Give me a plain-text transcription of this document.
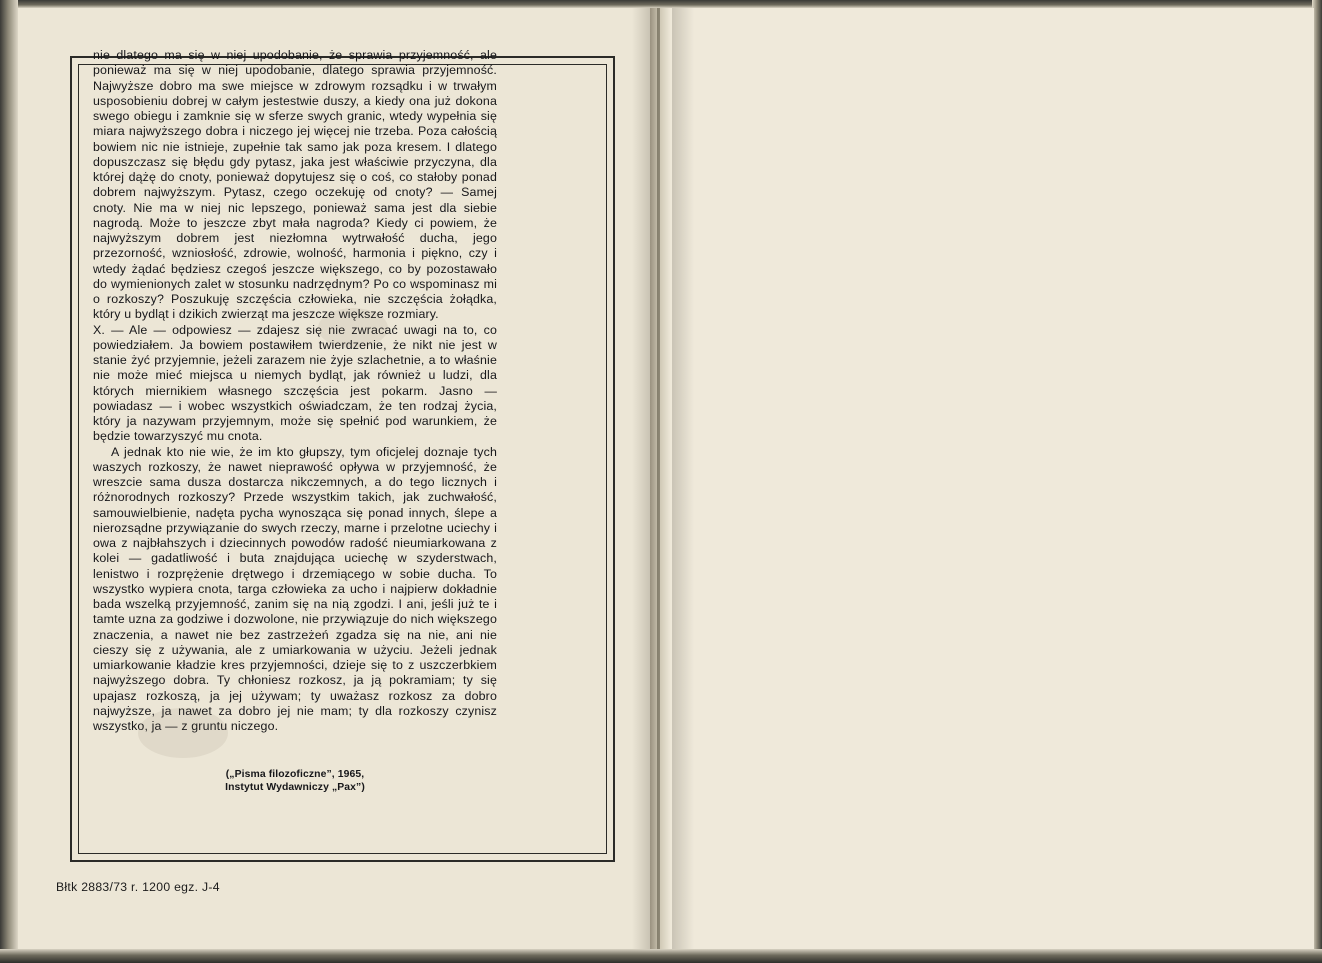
nie dlatego ma się w niej upodobanie, że sprawia przyjemność, ale ponieważ ma się w niej upodobanie, dlatego sprawia przyjemność. Najwyższe dobro ma swe miejsce w zdrowym rozsądku i w trwałym usposobieniu dobrej w całym jestestwie duszy, a kiedy ona już dokona swego obiegu i zamknie się w sferze swych granic, wtedy wypełnia się miara najwyższego dobra i niczego jej więcej nie trzeba. Poza całością bowiem nic nie istnieje, zupełnie tak samo jak poza kresem. I dlatego dopuszczasz się błędu gdy pytasz, jaka jest właściwie przyczyna, dla której dążę do cnoty, ponieważ dopytujesz się o coś, co stałoby ponad dobrem najwyższym. Pytasz, czego oczekuję od cnoty? — Samej cnoty. Nie ma w niej nic lepszego, ponieważ sama jest dla siebie nagrodą. Może to jeszcze zbyt mała nagroda? Kiedy ci powiem, że najwyższym dobrem jest niezłomna wytrwałość ducha, jego przezorność, wzniosłość, zdrowie, wolność, harmonia i piękno, czy i wtedy żądać będziesz czegoś jeszcze większego, co by pozostawało do wymienionych zalet w stosunku nadrzędnym? Po co wspominasz mi o rozkoszy? Poszukuję szczęścia człowieka, nie szczęścia żołądka, który u bydląt i dzikich zwierząt ma jeszcze większe rozmiary.

X. — Ale — odpowiesz — zdajesz się nie zwracać uwagi na to, co powiedziałem. Ja bowiem postawiłem twierdzenie, że nikt nie jest w stanie żyć przyjemnie, jeżeli zarazem nie żyje szlachetnie, a to właśnie nie może mieć miejsca u niemych bydląt, jak również u ludzi, dla których miernikiem własnego szczęścia jest pokarm. Jasno — powiadasz — i wobec wszystkich oświadczam, że ten rodzaj życia, który ja nazywam przyjemnym, może się spełnić pod warunkiem, że będzie towarzyszyć mu cnota.

A jednak kto nie wie, że im kto głupszy, tym oficjelej doznaje tych waszych rozkoszy, że nawet nieprawość opływa w przyjemność, że wreszcie sama dusza dostarcza nikczemnych, a do tego licznych i różnorodnych rozkoszy? Przede wszystkim takich, jak zuchwałość, samouwielbienie, nadęta pycha wynosząca się ponad innych, ślepe a nierozsądne przywiązanie do swych rzeczy, marne i przelotne uciechy i owa z najbłahszych i dziecinnych powodów radość nieumiarkowana z kolei — gadatliwość i buta znajdująca uciechę w szyderstwach, lenistwo i rozprężenie drętwego i drzemiącego w sobie ducha. To wszystko wypiera cnota, targa człowieka za ucho i najpierw dokładnie bada wszelką przyjemność, zanim się na nią zgodzi. I ani, jeśli już te i tamte uzna za godziwe i dozwolone, nie przywiązuje do nich większego znaczenia, a nawet nie bez zastrzeżeń zgadza się na nie, ani nie cieszy się z używania, ale z umiarkowania w użyciu. Jeżeli jednak umiarkowanie kładzie kres przyjemności, dzieje się to z uszczerbkiem najwyższego dobra. Ty chłoniesz rozkosz, ja ją pokramiam; ty się upajasz rozkoszą, ja jej używam; ty uważasz rozkosz za dobro najwyższe, ja nawet za dobro jej nie mam; ty dla rozkoszy czynisz wszystko, ja — z gruntu niczego.

(„Pisma filozoficzne”, 1965,
Instytut Wydawniczy „Pax”)
Błtk 2883/73 r. 1200 egz. J-4
